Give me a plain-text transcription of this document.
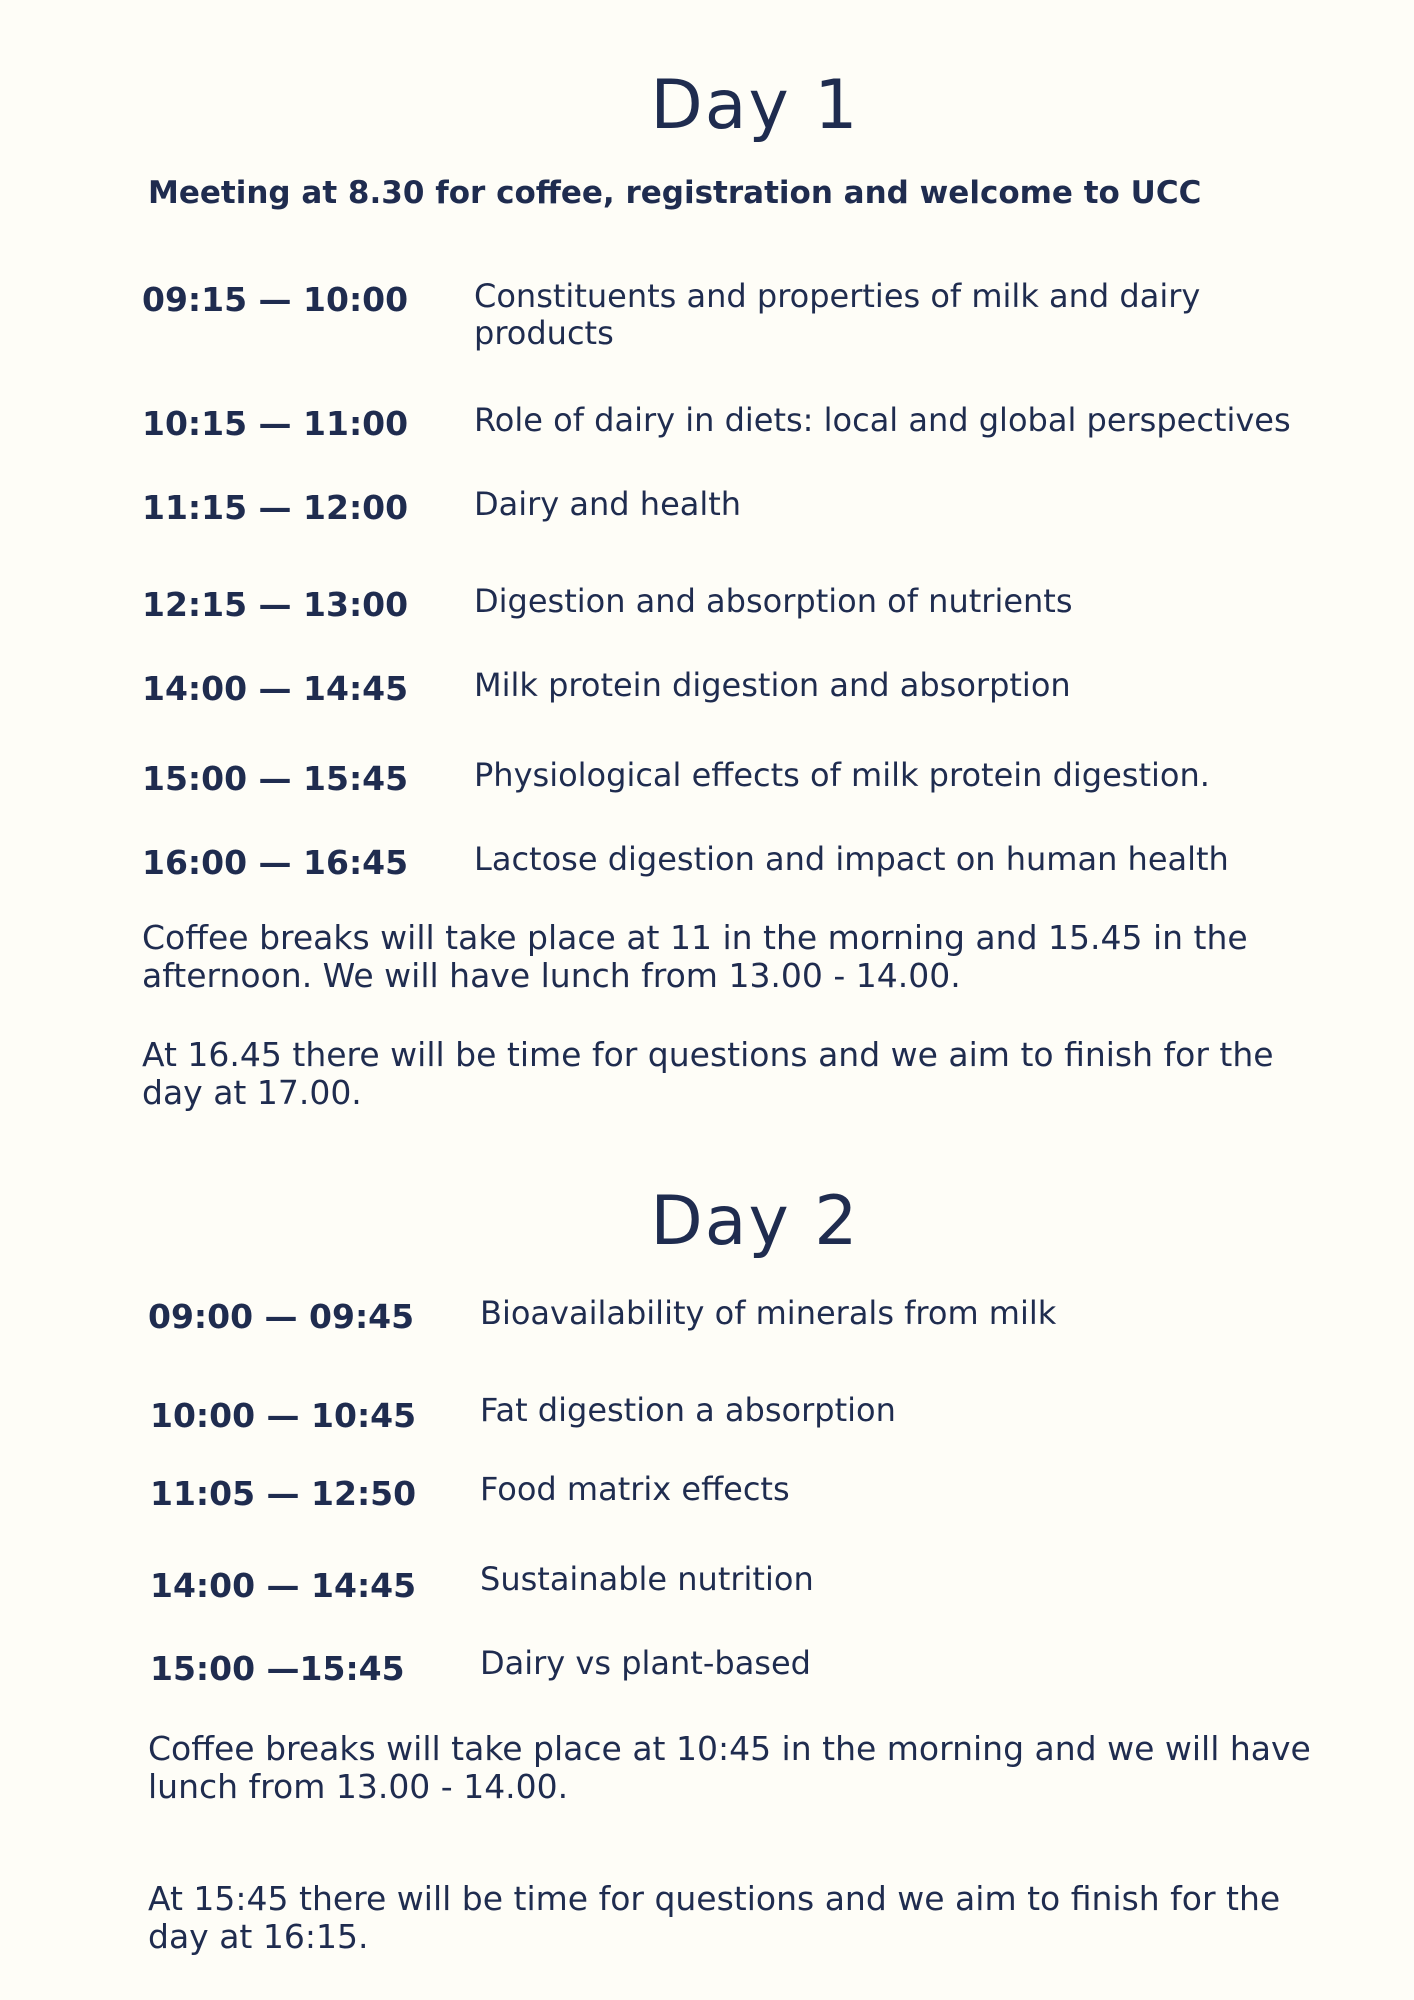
Day 1
Meeting at 8.30 for coffee, registration and welcome to UCC
09:15 — 10:00 Constituents and properties of milk and dairy products
10:15 — 11:00 Role of dairy in diets: local and global perspectives
11:15 — 12:00 Dairy and health
12:15 — 13:00 Digestion and absorption of nutrients
14:00 — 14:45 Milk protein digestion and absorption
15:00 — 15:45 Physiological effects of milk protein digestion.
16:00 — 16:45 Lactose digestion and impact on human health

Coffee breaks will take place at 11 in the morning and 15.45 in the afternoon. We will have lunch from 13.00 - 14.00.

At 16.45 there will be time for questions and we aim to finish for the day at 17.00.

Day 2
09:00 — 09:45 Bioavailability of minerals from milk
10:00 — 10:45 Fat digestion a absorption
11:05 — 12:50 Food matrix effects
14:00 — 14:45 Sustainable nutrition
15:00 —15:45 Dairy vs plant-based

Coffee breaks will take place at 10:45 in the morning and we will have lunch from 13.00 - 14.00.

At 15:45 there will be time for questions and we aim to finish for the day at 16:15.
